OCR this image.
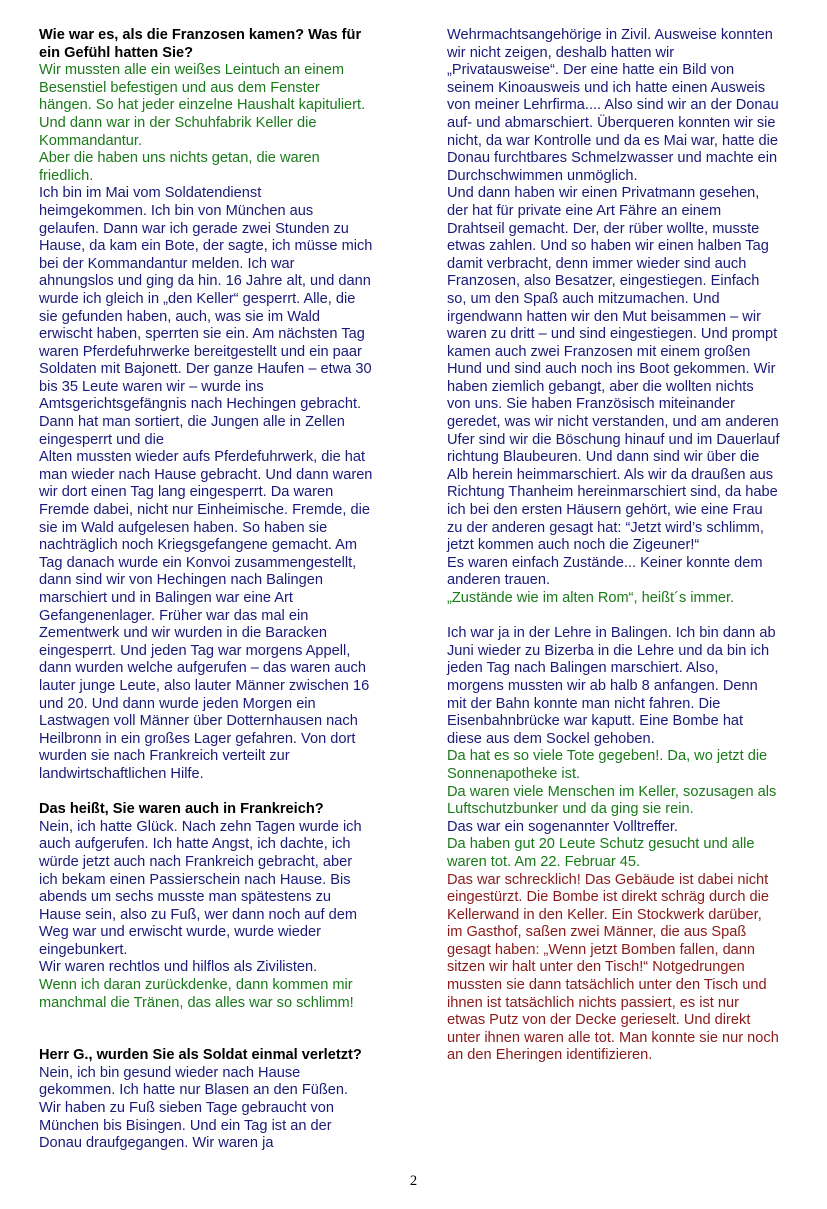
Wie war es, als die Franzosen kamen? Was für
ein Gefühl hatten Sie?
Wir mussten alle ein weißes Leintuch an einem
Besenstiel befestigen und aus dem Fenster
hängen. So hat jeder einzelne Haushalt kapituliert.
Und dann war in der Schuhfabrik Keller die
Kommandantur.
Aber die haben uns nichts getan, die waren
friedlich.
Ich bin im Mai vom Soldatendienst
heimgekommen. Ich bin von München aus
gelaufen. Dann war ich gerade zwei Stunden zu
Hause, da kam ein Bote, der sagte, ich müsse mich
bei der Kommandantur melden. Ich war
ahnungslos und ging da hin. 16 Jahre alt, und dann
wurde ich gleich in „den Keller“ gesperrt. Alle, die
sie gefunden haben, auch, was sie im Wald
erwischt haben, sperrten sie ein. Am nächsten Tag
waren Pferdefuhrwerke bereitgestellt und ein paar
Soldaten mit Bajonett. Der ganze Haufen – etwa 30
bis 35 Leute waren wir – wurde ins
Amtsgerichtsgefängnis nach Hechingen gebracht.
Dann hat man sortiert, die Jungen alle in Zellen
eingesperrt und die
Alten mussten wieder aufs Pferdefuhrwerk, die hat
man wieder nach Hause gebracht. Und dann waren
wir dort einen Tag lang eingesperrt. Da waren
Fremde dabei, nicht nur Einheimische. Fremde, die
sie im Wald aufgelesen haben. So haben sie
nachträglich noch Kriegsgefangene gemacht. Am
Tag danach wurde ein Konvoi zusammengestellt,
dann sind wir von Hechingen nach Balingen
marschiert und in Balingen war eine Art
Gefangenenlager. Früher war das mal ein
Zementwerk und wir wurden in die Baracken
eingesperrt. Und jeden Tag war morgens Appell,
dann wurden welche aufgerufen – das waren auch
lauter junge Leute, also lauter Männer zwischen 16
und 20. Und dann wurde jeden Morgen ein
Lastwagen voll Männer über Dotternhausen nach
Heilbronn in ein großes Lager gefahren. Von dort
wurden sie nach Frankreich verteilt zur
landwirtschaftlichen Hilfe.
Das heißt, Sie waren auch in Frankreich?
Nein, ich hatte Glück. Nach zehn Tagen wurde ich
auch aufgerufen. Ich hatte Angst, ich dachte, ich
würde jetzt auch nach Frankreich gebracht, aber
ich bekam einen Passierschein nach Hause. Bis
abends um sechs musste man spätestens zu
Hause sein, also zu Fuß, wer dann noch auf dem
Weg war und erwischt wurde, wurde wieder
eingebunkert.
Wir waren rechtlos und hilflos als Zivilisten.
Wenn ich daran zurückdenke, dann kommen mir
manchmal die Tränen, das alles war so schlimm!
Herr G., wurden Sie als Soldat einmal verletzt?
Nein, ich bin gesund wieder nach Hause
gekommen. Ich hatte nur Blasen an den Füßen.
Wir haben zu Fuß sieben Tage gebraucht von
München bis Bisingen. Und ein Tag ist an der
Donau draufgegangen. Wir waren ja
Wehrmachtsangehörige in Zivil. Ausweise konnten
wir nicht zeigen, deshalb hatten wir
„Privatausweise“. Der eine hatte ein Bild von
seinem Kinoausweis und ich hatte einen Ausweis
von meiner Lehrfirma.... Also sind wir an der Donau
auf- und abmarschiert. Überqueren konnten wir sie
nicht, da war Kontrolle und da es Mai war, hatte die
Donau furchtbares Schmelzwasser und machte ein
Durchschwimmen unmöglich.
Und dann haben wir einen Privatmann gesehen,
der hat für private eine Art Fähre an einem
Drahtseil gemacht. Der, der rüber wollte, musste
etwas zahlen. Und so haben wir einen halben Tag
damit verbracht, denn immer wieder sind auch
Franzosen, also Besatzer, eingestiegen. Einfach
so, um den Spaß auch mitzumachen. Und
irgendwann hatten wir den Mut beisammen – wir
waren zu dritt – und sind eingestiegen. Und prompt
kamen auch zwei Franzosen mit einem großen
Hund und sind auch noch ins Boot gekommen. Wir
haben ziemlich gebangt, aber die wollten nichts
von uns. Sie haben Französisch miteinander
geredet, was wir nicht verstanden, und am anderen
Ufer sind wir die Böschung hinauf und im Dauerlauf
richtung Blaubeuren. Und dann sind wir über die
Alb herein heimmarschiert. Als wir da draußen aus
Richtung Thanheim hereinmarschiert sind, da habe
ich bei den ersten Häusern gehört, wie eine Frau
zu der anderen gesagt hat: “Jetzt wird’s schlimm,
jetzt kommen auch noch die Zigeuner!“
Es waren einfach Zustände... Keiner konnte dem
anderen trauen.
„Zustände wie im alten Rom“, heißt´s immer.
Ich war ja in der Lehre in Balingen. Ich bin dann ab
Juni wieder zu Bizerba in die Lehre und da bin ich
jeden Tag nach Balingen marschiert. Also,
morgens mussten wir ab halb 8 anfangen. Denn
mit der Bahn konnte man nicht fahren. Die
Eisenbahnbrücke war kaputt. Eine Bombe hat
diese aus dem Sockel gehoben.
Da hat es so viele Tote gegeben!. Da, wo jetzt die
Sonnenapotheke ist.
Da waren viele Menschen im Keller, sozusagen als
Luftschutzbunker und da ging sie rein.
Das war ein sogenannter Volltreffer.
Da haben gut 20 Leute Schutz gesucht und alle
waren tot. Am 22. Februar 45.
Das war schrecklich! Das Gebäude ist dabei nicht
eingestürzt. Die Bombe ist direkt schräg durch die
Kellerwand in den Keller. Ein Stockwerk darüber,
im Gasthof, saßen zwei Männer, die aus Spaß
gesagt haben: „Wenn jetzt Bomben fallen, dann
sitzen wir halt unter den Tisch!“ Notgedrungen
mussten sie dann tatsächlich unter den Tisch und
ihnen ist tatsächlich nichts passiert, es ist nur
etwas Putz von der Decke gerieselt. Und direkt
unter ihnen waren alle tot. Man konnte sie nur noch
an den Eheringen identifizieren.
2
